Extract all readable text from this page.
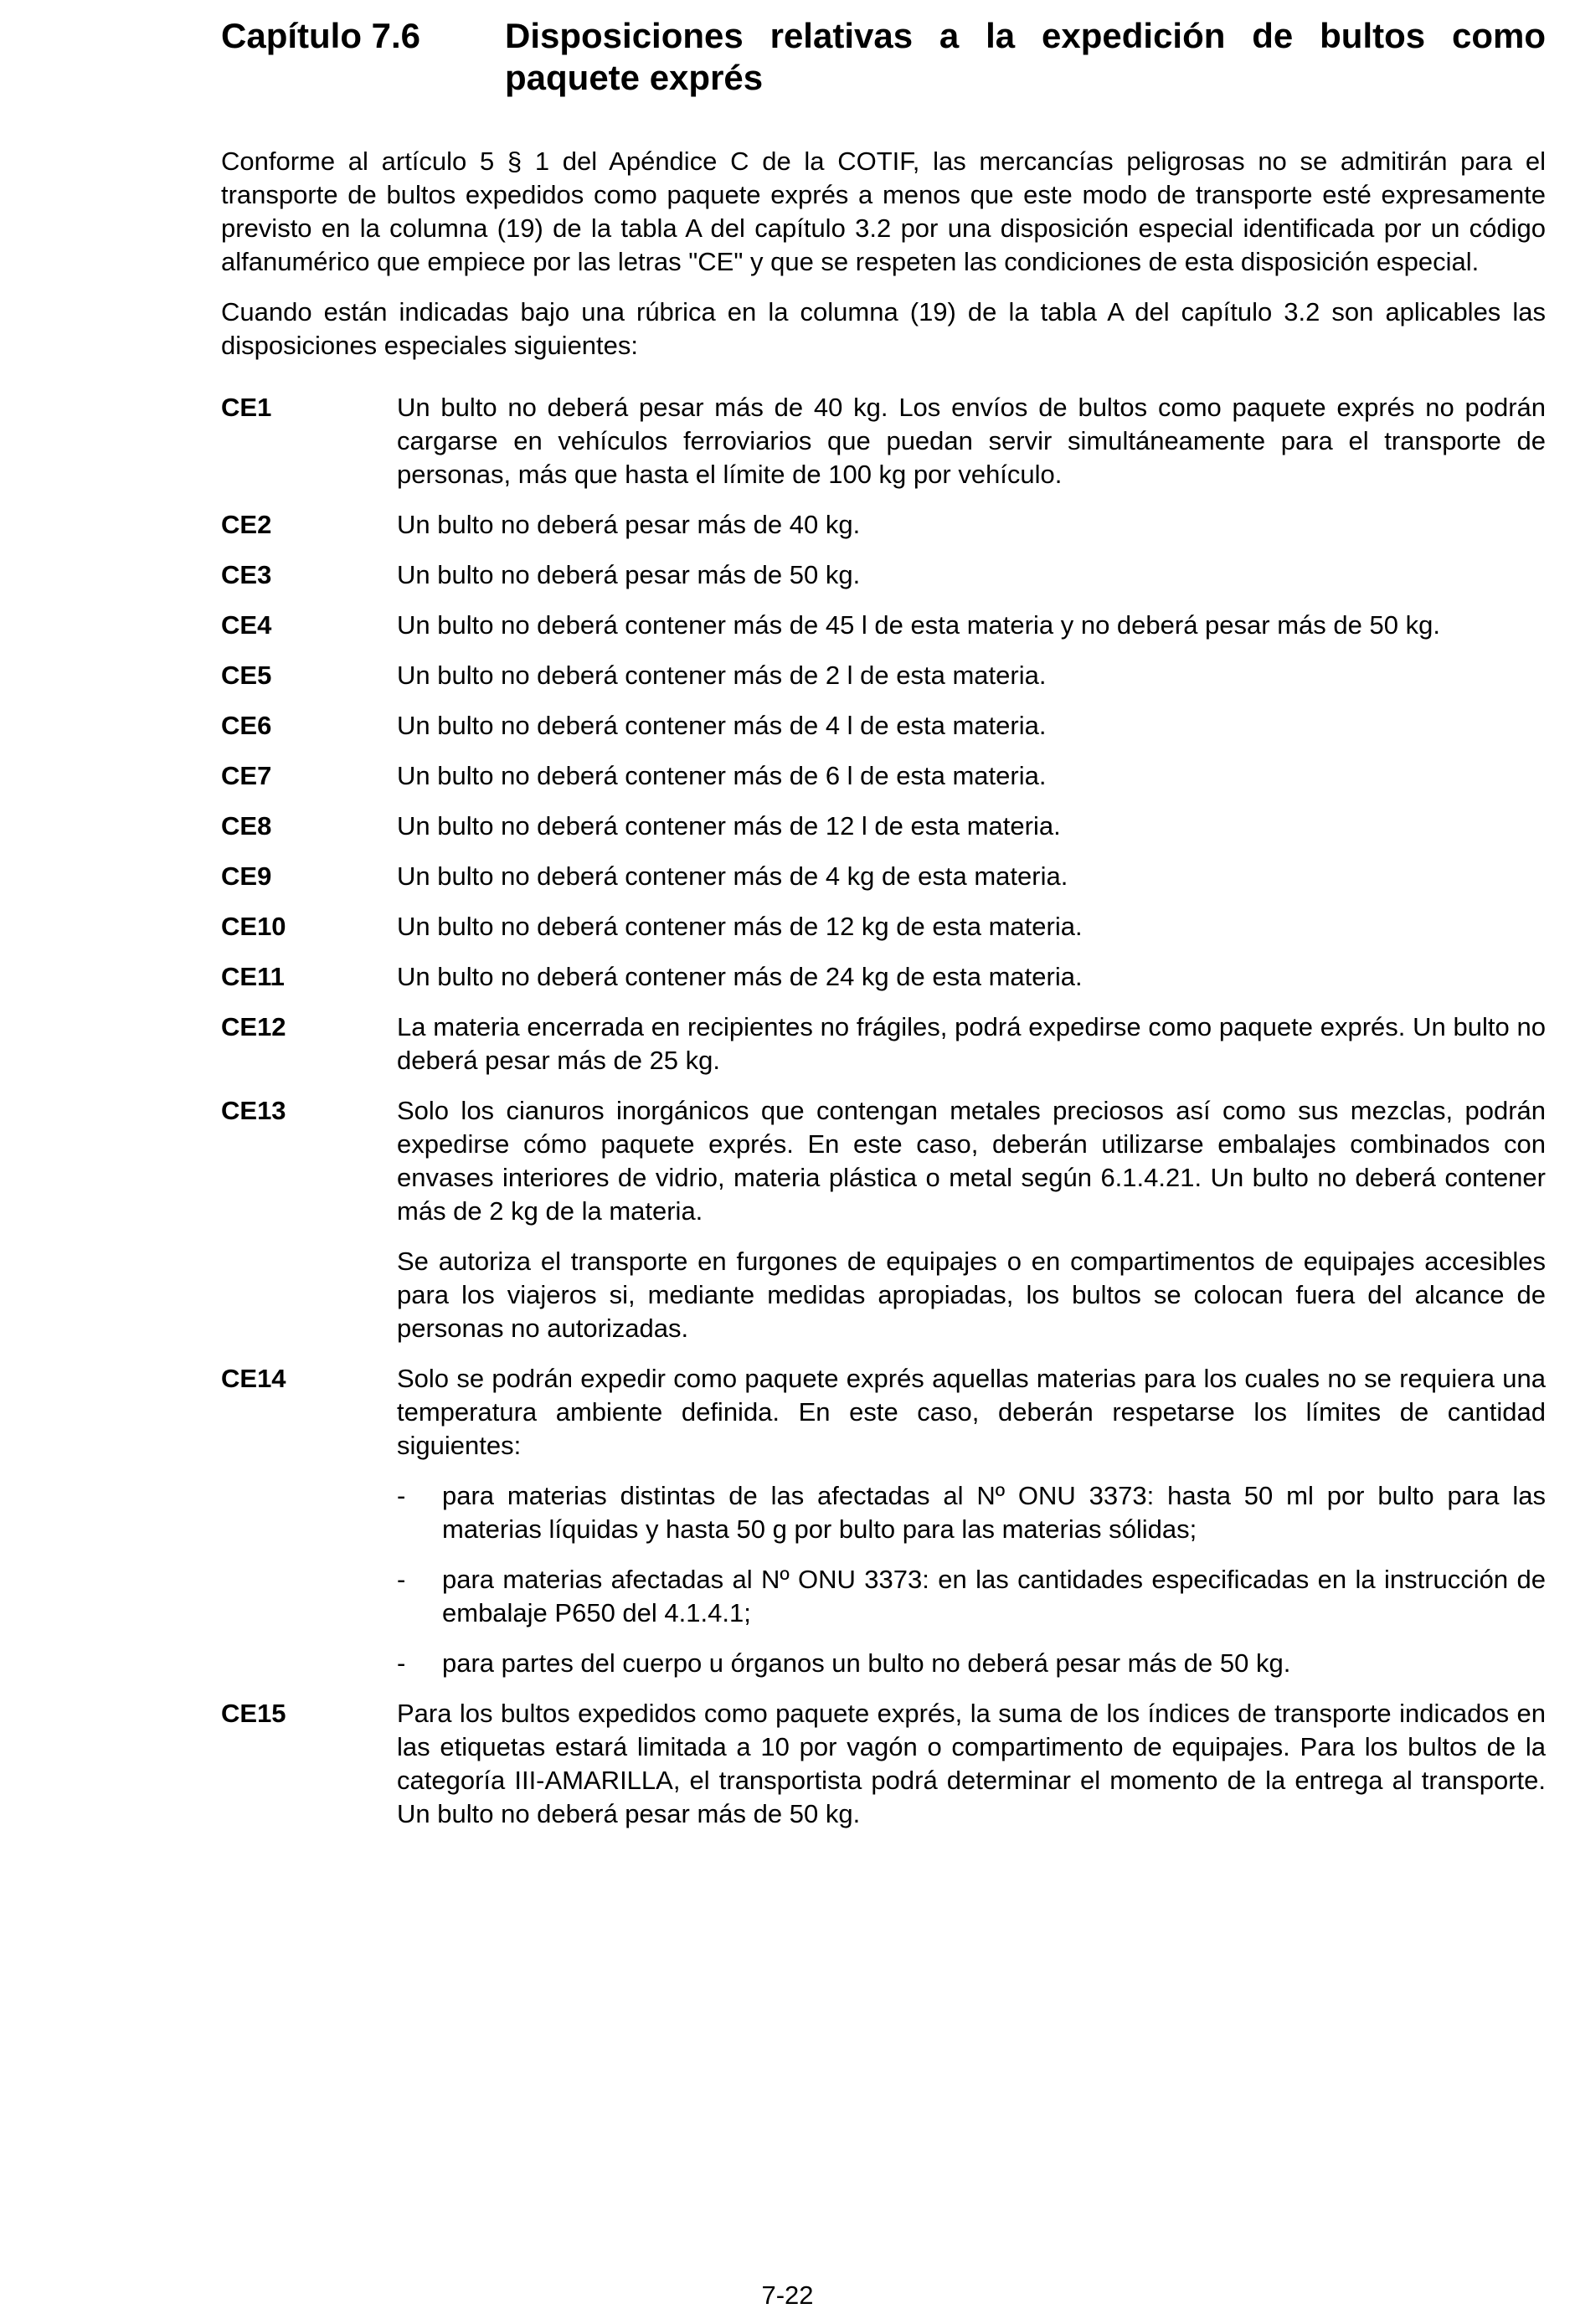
Capítulo 7.6	Disposiciones relativas a la expedición de bultos como paquete exprés

Conforme al artículo 5 § 1 del Apéndice C de la COTIF, las mercancías peligrosas no se admitirán para el transporte de bultos expedidos como paquete exprés a menos que este modo de transporte esté expresamente previsto en la columna (19) de la tabla A del capítulo 3.2 por una disposición especial identificada por un código alfanumérico que empiece por las letras "CE" y que se respeten las condiciones de esta disposición especial.

Cuando están indicadas bajo una rúbrica en la columna (19) de la tabla A del capítulo 3.2 son aplicables las disposiciones especiales siguientes:

CE1	Un bulto no deberá pesar más de 40 kg. Los envíos de bultos como paquete exprés no podrán cargarse en vehículos ferroviarios que puedan servir simultáneamente para el transporte de personas, más que hasta el límite de 100 kg por vehículo.

CE2	Un bulto no deberá pesar más de 40 kg.

CE3	Un bulto no deberá pesar más de 50 kg.

CE4	Un bulto no deberá contener más de 45 l de esta materia y no deberá pesar más de 50 kg.

CE5	Un bulto no deberá contener más de 2 l de esta materia.

CE6	Un bulto no deberá contener más de 4 l de esta materia.

CE7	Un bulto no deberá contener más de 6 l de esta materia.

CE8	Un bulto no deberá contener más de 12 l de esta materia.

CE9	Un bulto no deberá contener más de 4 kg de esta materia.

CE10	Un bulto no deberá contener más de 12 kg de esta materia.

CE11	Un bulto no deberá contener más de 24 kg de esta materia.

CE12	La materia encerrada en recipientes no frágiles, podrá expedirse como paquete exprés. Un bulto no deberá pesar más de 25 kg.

CE13	Solo los cianuros inorgánicos que contengan metales preciosos así como sus mezclas, podrán expedirse cómo paquete exprés. En este caso, deberán utilizarse embalajes combinados con envases interiores de vidrio, materia plástica o metal según 6.1.4.21. Un bulto no deberá contener más de 2 kg de la materia.

Se autoriza el transporte en furgones de equipajes o en compartimentos de equipajes accesibles para los viajeros si, mediante medidas apropiadas, los bultos se colocan fuera del alcance de personas no autorizadas.

CE14	Solo se podrán expedir como paquete exprés aquellas materias para los cuales no se requiera una temperatura ambiente definida. En este caso, deberán respetarse los límites de cantidad siguientes:

-	para materias distintas de las afectadas al Nº ONU 3373: hasta 50 ml por bulto para las materias líquidas y hasta 50 g por bulto para las materias sólidas;
-	para materias afectadas al Nº ONU 3373: en las cantidades especificadas en la instrucción de embalaje P650 del 4.1.4.1;
-	para partes del cuerpo u órganos un bulto no deberá pesar más de 50 kg.
CE15	Para los bultos expedidos como paquete exprés, la suma de los índices de transporte indicados en las etiquetas estará limitada a 10 por vagón o compartimento de equipajes. Para los bultos de la categoría III-AMARILLA, el transportista podrá determinar el momento de la entrega al transporte. Un bulto no deberá pesar más de 50 kg.

7-22
